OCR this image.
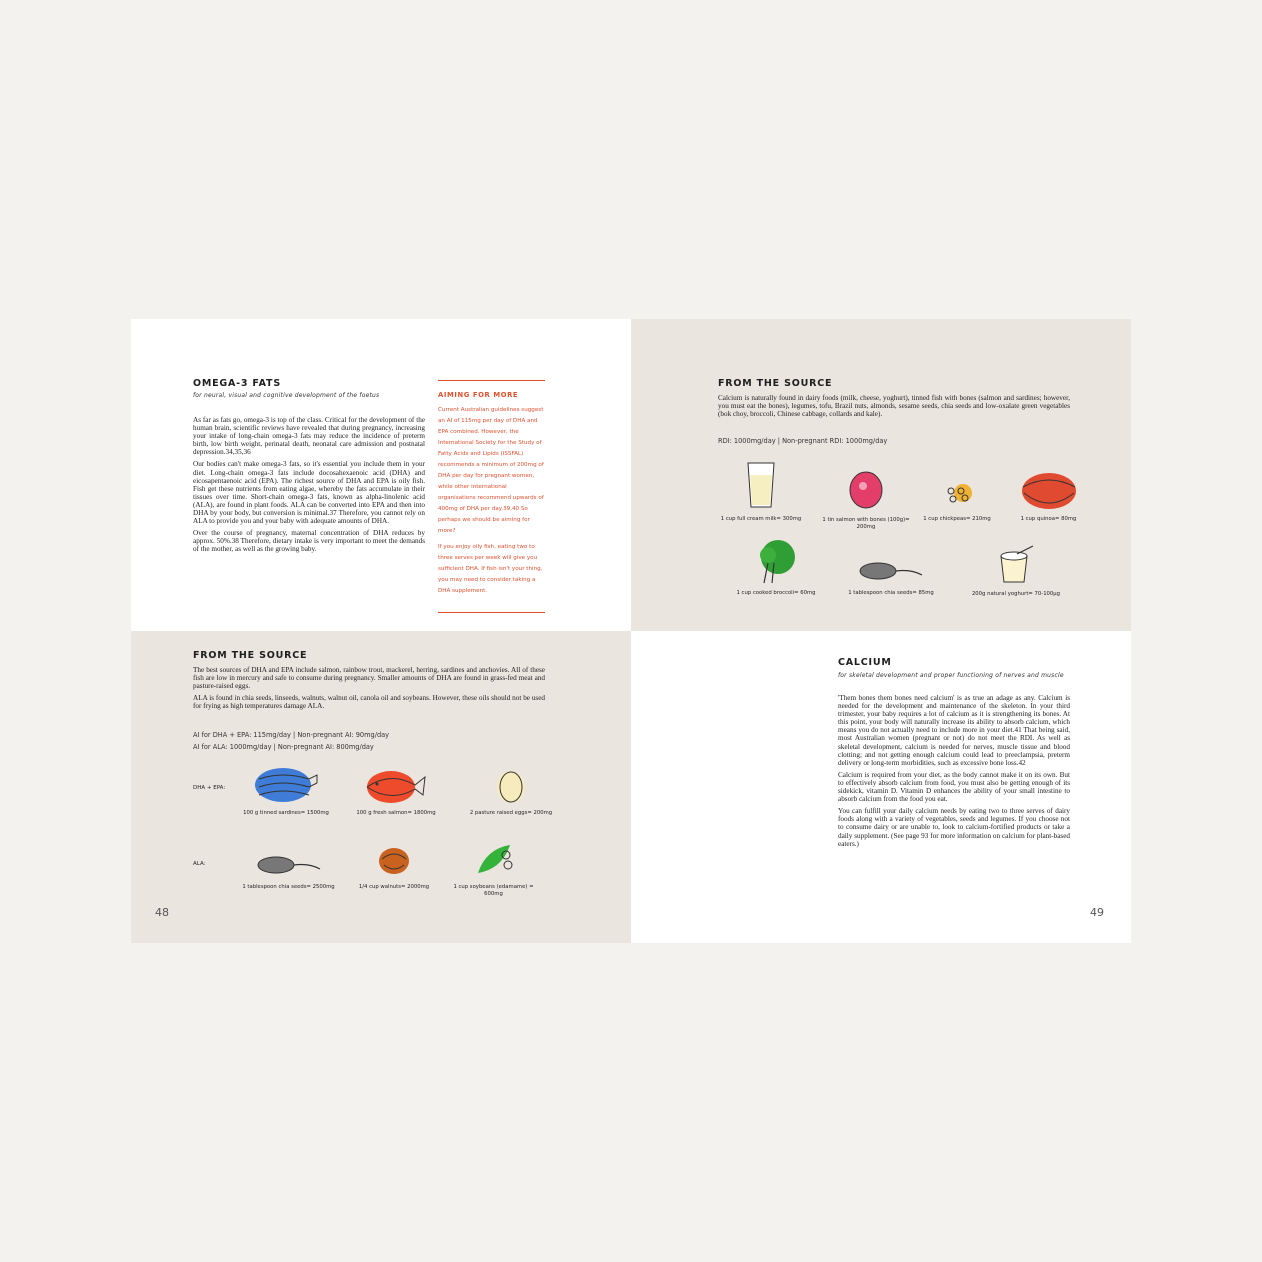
OMEGA-3 FATS
for neural, visual and cognitive development of the foetus

As far as fats go, omega-3 is top of the class. Critical for the development of the human brain, scientific reviews have revealed that during pregnancy, increasing your intake of long-chain omega-3 fats may reduce the incidence of preterm birth, low birth weight, perinatal death, neonatal care admission and postnatal depression.34,35,36

Our bodies can't make omega-3 fats, so it's essential you include them in your diet. Long-chain omega-3 fats include docosahexaenoic acid (DHA) and eicosapentaenoic acid (EPA). The richest source of DHA and EPA is oily fish. Fish get these nutrients from eating algae, whereby the fats accumulate in their tissues over time. Short-chain omega-3 fats, known as alpha-linolenic acid (ALA), are found in plant foods. ALA can be converted into EPA and then into DHA by your body, but conversion is minimal.37 Therefore, you cannot rely on ALA to provide you and your baby with adequate amounts of DHA.

Over the course of pregnancy, maternal concentration of DHA reduces by approx. 50%.38 Therefore, dietary intake is very important to meet the demands of the mother, as well as the growing baby.

AIMING FOR MORE

Current Australian guidelines suggest an AI of 115mg per day of DHA and EPA combined. However, the International Society for the Study of Fatty Acids and Lipids (ISSFAL) recommends a minimum of 200mg of DHA per day for pregnant women, while other international organisations recommend upwards of 400mg of DHA per day.39,40 So perhaps we should be aiming for more?

If you enjoy oily fish, eating two to three serves per week will give you sufficient DHA. If fish isn't your thing, you may need to consider taking a DHA supplement.

FROM THE SOURCE
Calcium is naturally found in dairy foods (milk, cheese, yoghurt), tinned fish with bones (salmon and sardines; however, you must eat the bones), legumes, tofu, Brazil nuts, almonds, sesame seeds, chia seeds and low-oxalate green vegetables (bok choy, broccoli, Chinese cabbage, collards and kale).
RDI: 1000mg/day | Non-pregnant RDI: 1000mg/day
1 cup full cream milk= 300mg	1 tin salmon with bones (100g)= 200mg
1 cup chickpeas= 210mg	1 cup quinoa= 80mg
1 cup cooked broccoli= 60mg	1 tablespoon chia seeds= 85mg	200g natural yoghurt= 70-100µg
FROM THE SOURCE

The best sources of DHA and EPA include salmon, rainbow trout, mackerel, herring, sardines and anchovies. All of these fish are low in mercury and safe to consume during pregnancy. Smaller amounts of DHA are found in grass-fed meat and pasture-raised eggs.

ALA is found in chia seeds, linseeds, walnuts, walnut oil, canola oil and soybeans. However, these oils should not be used for frying as high temperatures damage ALA.

AI for DHA + EPA: 115mg/day | Non-pregnant AI: 90mg/day
AI for ALA: 1000mg/day | Non-pregnant AI: 800mg/day
DHA + EPA:
ALA:
100 g tinned sardines= 1500mg	100 g fresh salmon= 1800mg	2 pasture raised eggs= 200mg
1 tablespoon chia seeds= 2500mg	1/4 cup walnuts= 2000mg	1 cup soybeans (edamame) = 600mg
48
CALCIUM
for skeletal development and proper functioning of nerves and muscle

'Them bones them bones need calcium' is as true an adage as any. Calcium is needed for the development and maintenance of the skeleton. In your third trimester, your baby requires a lot of calcium as it is strengthening its bones. At this point, your body will naturally increase its ability to absorb calcium, which means you do not actually need to include more in your diet.41 That being said, most Australian women (pregnant or not) do not meet the RDI. As well as skeletal development, calcium is needed for nerves, muscle tissue and blood clotting; and not getting enough calcium could lead to preeclampsia, preterm delivery or long-term morbidities, such as excessive bone loss.42

Calcium is required from your diet, as the body cannot make it on its own. But to effectively absorb calcium from food, you must also be getting enough of its sidekick, vitamin D. Vitamin D enhances the ability of your small intestine to absorb calcium from the food you eat.

You can fulfill your daily calcium needs by eating two to three serves of dairy foods along with a variety of vegetables, seeds and legumes. If you choose not to consume dairy or are unable to, look to calcium-fortified products or take a daily supplement. (See page 93 for more information on calcium for plant-based eaters.)

49
